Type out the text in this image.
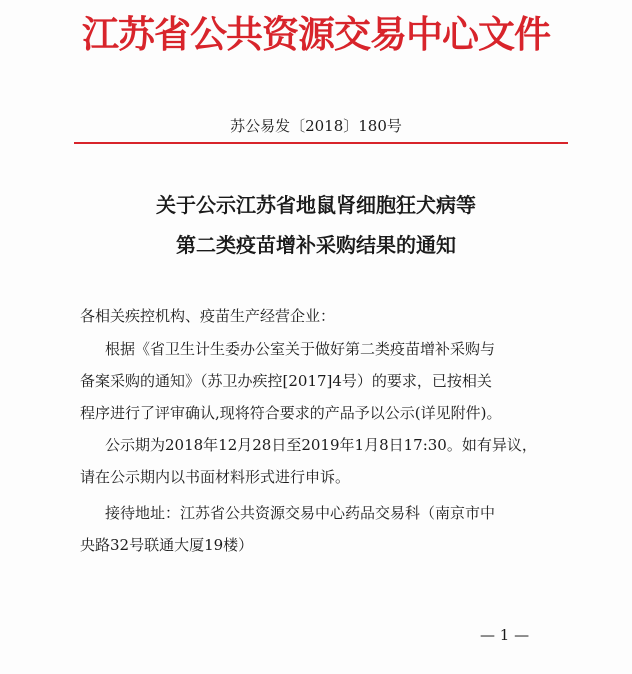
江苏省公共资源交易中心文件
苏公易发〔2018〕180号
关于公示江苏省地鼠肾细胞狂犬病等
第二类疫苗增补采购结果的通知
各相关疾控机构、疫苗生产经营企业：
根据《省卫生计生委办公室关于做好第二类疫苗增补采购与
备案采购的通知》（苏卫办疾控[2017]4号）的要求，已按相关
程序进行了评审确认,现将符合要求的产品予以公示(详见附件)。
公示期为2018年12月28日至2019年1月8日17:30。如有异议，
请在公示期内以书面材料形式进行申诉。
接待地址：江苏省公共资源交易中心药品交易科（南京市中
央路32号联通大厦19楼）
— 1 —
